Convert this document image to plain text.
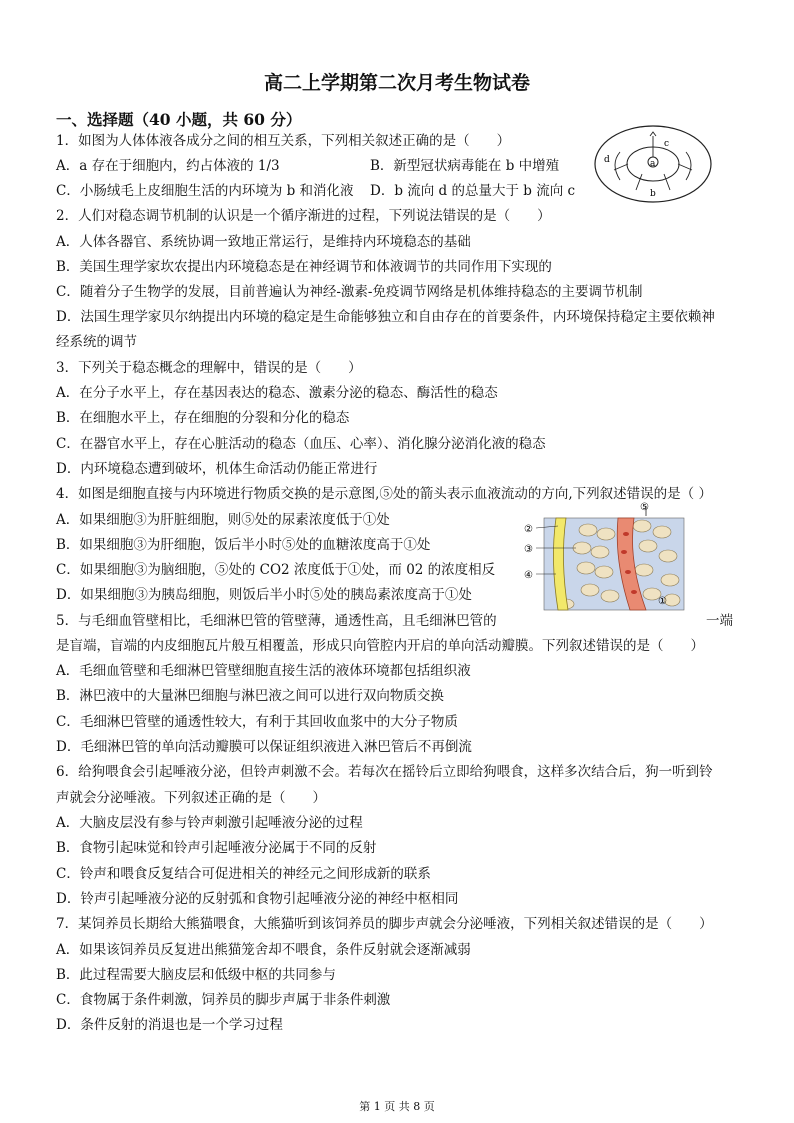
高二上学期第二次月考生物试卷
一、选择题（40 小题，共 60 分）
1．如图为人体体液各成分之间的相互关系，下列相关叙述正确的是（　　）
A．a 存在于细胞内，约占体液的 1/3	B．新型冠状病毒能在 b 中增殖
C．小肠绒毛上皮细胞生活的内环境为 b 和消化液 D．b 流向 d 的总量大于 b 流向 c
a
b
c
d
2．人们对稳态调节机制的认识是一个循序渐进的过程，下列说法错误的是（　　）
A．人体各器官、系统协调一致地正常运行，是维持内环境稳态的基础
B．美国生理学家坎农提出内环境稳态是在神经调节和体液调节的共同作用下实现的
C．随着分子生物学的发展，目前普遍认为神经-激素-免疫调节网络是机体维持稳态的主要调节机制
D．法国生理学家贝尔纳提出内环境的稳定是生命能够独立和自由存在的首要条件，内环境保持稳定主要依赖神
经系统的调节
3．下列关于稳态概念的理解中，错误的是（　　）
A．在分子水平上，存在基因表达的稳态、激素分泌的稳态、酶活性的稳态
B．在细胞水平上，存在细胞的分裂和分化的稳态
C．在器官水平上，存在心脏活动的稳态（血压、心率）、消化腺分泌消化液的稳态
D．内环境稳态遭到破坏，机体生命活动仍能正常进行
4．如图是细胞直接与内环境进行物质交换的是示意图,⑤处的箭头表示血液流动的方向,下列叙述错误的是（ ）
A．如果细胞③为肝脏细胞，则⑤处的尿素浓度低于①处
B．如果细胞③为肝细胞，饭后半小时⑤处的血糖浓度高于①处
C．如果细胞③为脑细胞，⑤处的 CO2 浓度低于①处，而 02 的浓度相反
D．如果细胞③为胰岛细胞，则饭后半小时⑤处的胰岛素浓度高于①处
⑤
②
③
④
①
5．与毛细血管壁相比，毛细淋巴管的管壁薄，通透性高，且毛细淋巴管的	一端
是盲端，盲端的内皮细胞瓦片般互相覆盖，形成只向管腔内开启的单向活动瓣膜。下列叙述错误的是（　　）
A．毛细血管壁和毛细淋巴管壁细胞直接生活的液体环境都包括组织液
B．淋巴液中的大量淋巴细胞与淋巴液之间可以进行双向物质交换
C．毛细淋巴管壁的通透性较大，有利于其回收血浆中的大分子物质
D．毛细淋巴管的单向活动瓣膜可以保证组织液进入淋巴管后不再倒流
6．给狗喂食会引起唾液分泌，但铃声刺激不会。若每次在摇铃后立即给狗喂食，这样多次结合后，狗一听到铃
声就会分泌唾液。下列叙述正确的是（　　）
A．大脑皮层没有参与铃声刺激引起唾液分泌的过程
B．食物引起味觉和铃声引起唾液分泌属于不同的反射
C．铃声和喂食反复结合可促进相关的神经元之间形成新的联系
D．铃声引起唾液分泌的反射弧和食物引起唾液分泌的神经中枢相同
7．某饲养员长期给大熊猫喂食，大熊猫听到该饲养员的脚步声就会分泌唾液，下列相关叙述错误的是（　　）
A．如果该饲养员反复进出熊猫笼舍却不喂食，条件反射就会逐渐减弱
B．此过程需要大脑皮层和低级中枢的共同参与
C．食物属于条件刺激，饲养员的脚步声属于非条件刺激
D．条件反射的消退也是一个学习过程
第 1 页 共 8 页
